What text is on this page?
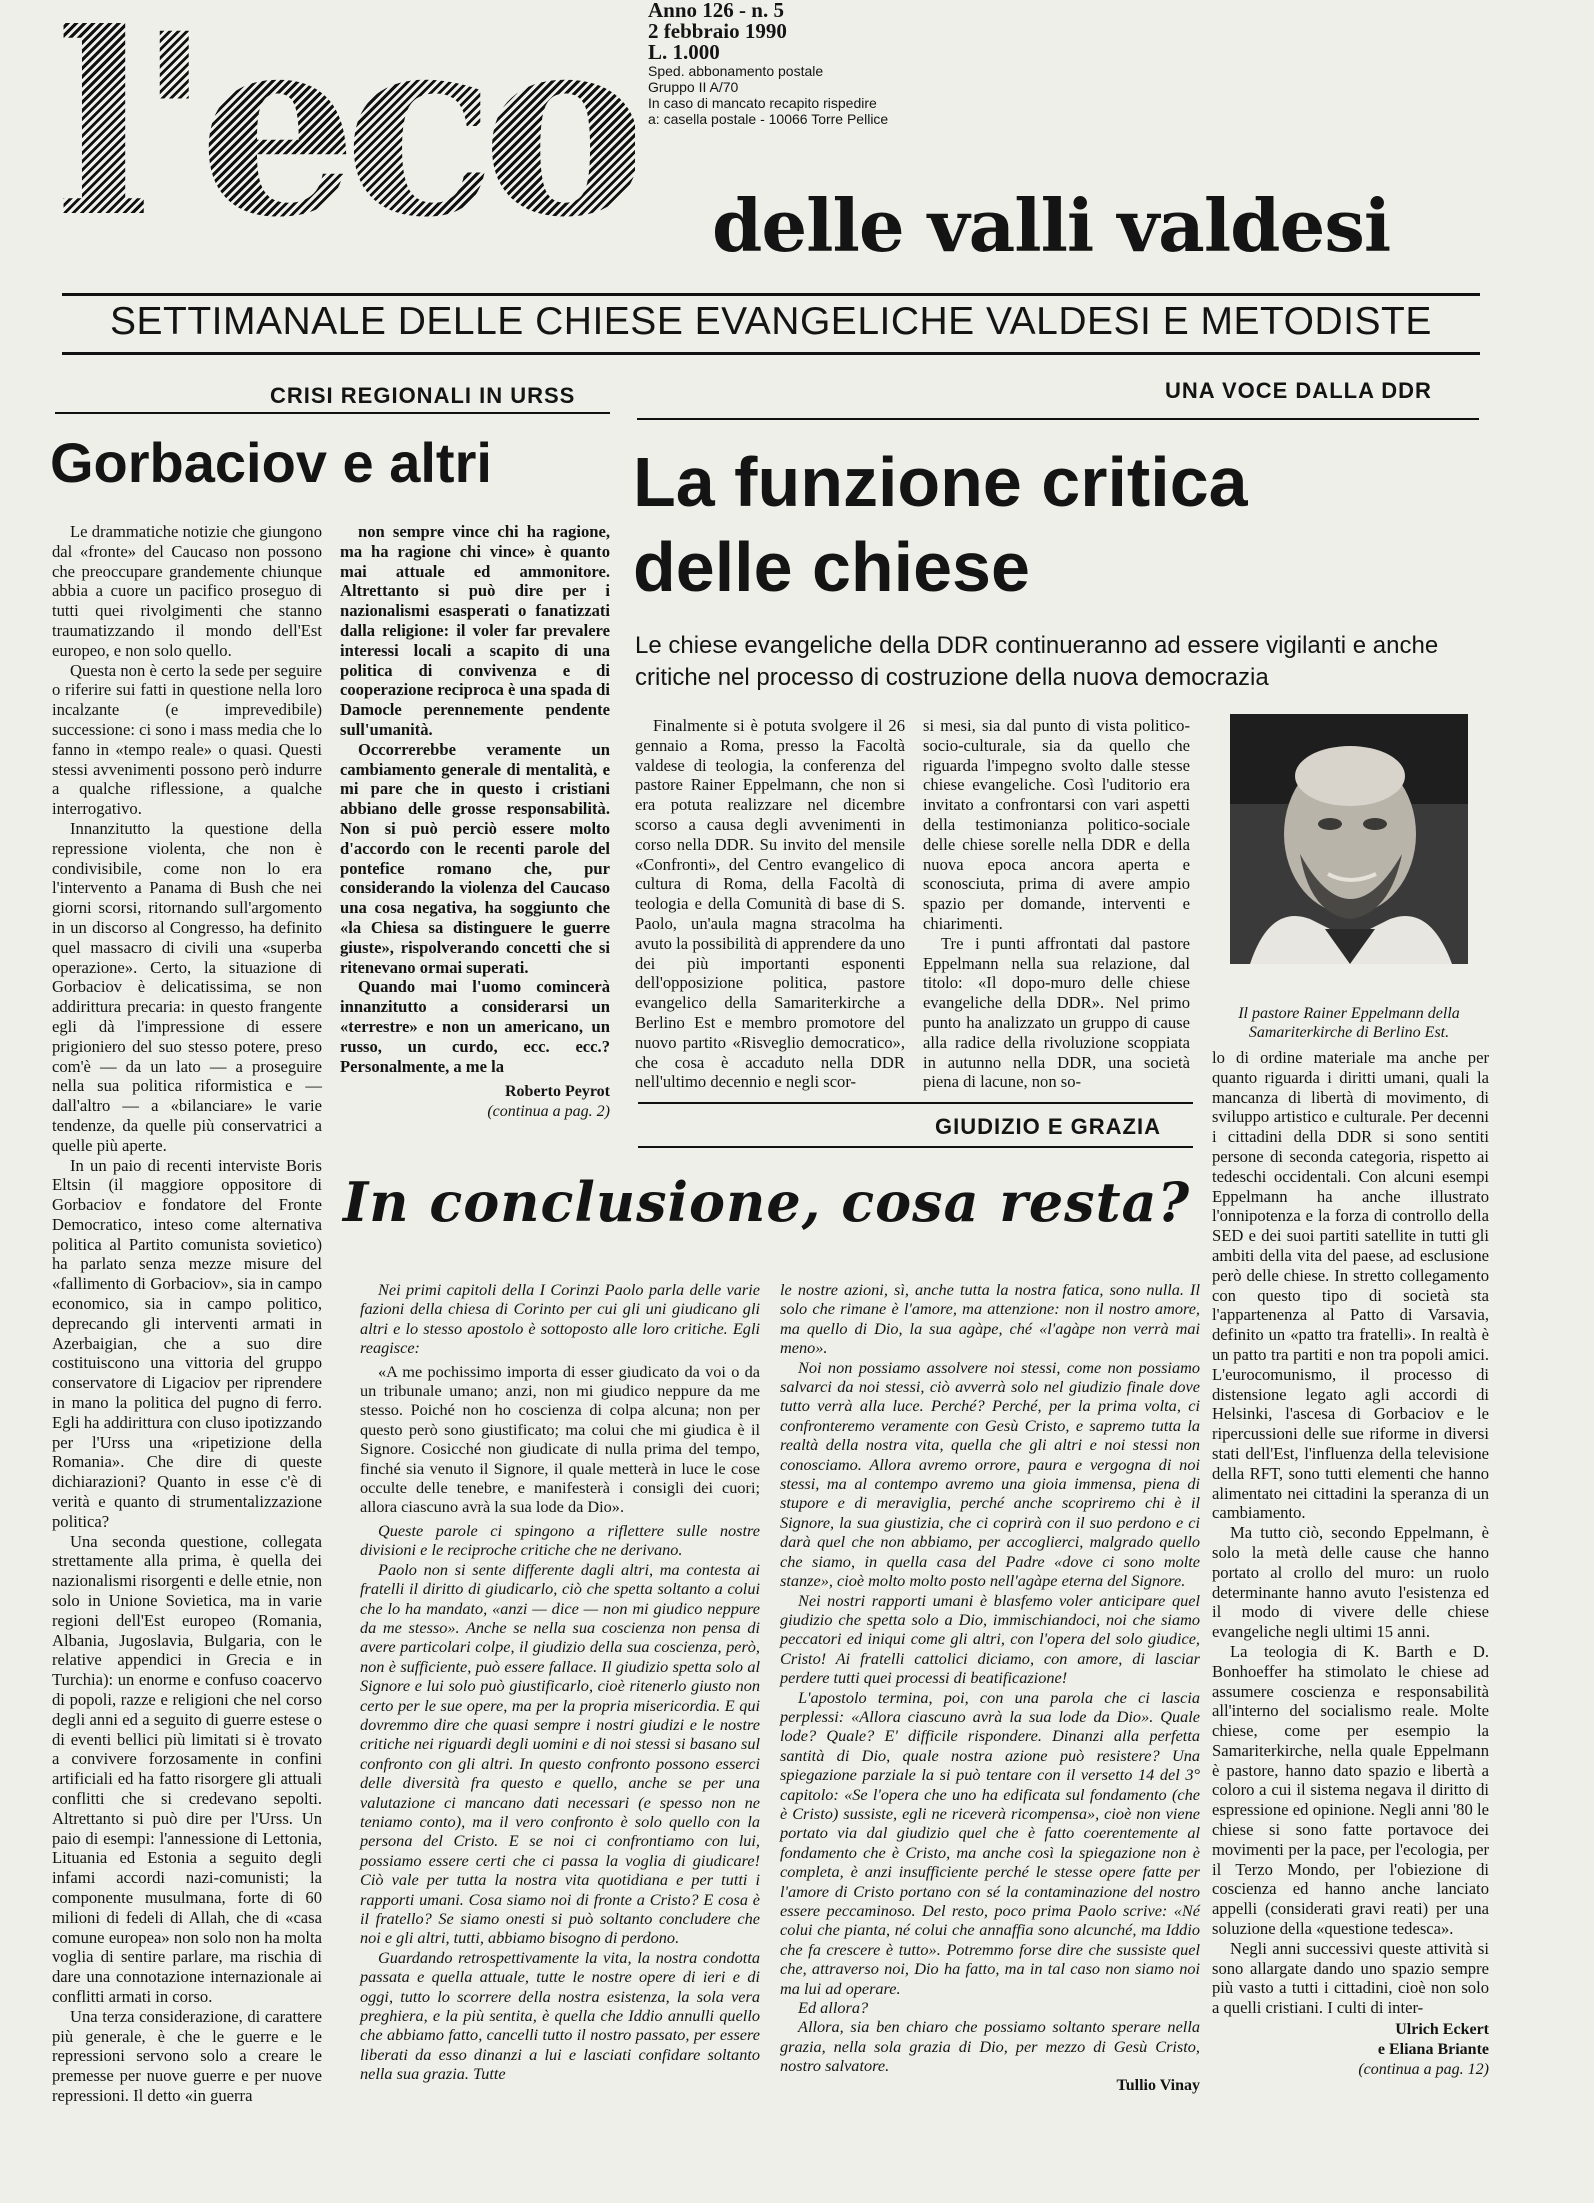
l'eco Anno 126 - n. 5
2 febbraio 1990
L. 1.000
Sped. abbonamento postale
Gruppo II A/70
In caso di mancato recapito rispedire
a: casella postale - 10066 Torre Pellice
delle valli valdesi
SETTIMANALE DELLE CHIESE EVANGELICHE VALDESI E METODISTE
CRISI REGIONALI IN URSS
Gorbaciov e altri

Le drammatiche notizie che giungono dal «fronte» del Caucaso non possono che preoccupare grandemente chiunque abbia a cuore un pacifico proseguo di tutti quei rivolgimenti che stanno traumatizzando il mondo dell'Est europeo, e non solo quello.

Questa non è certo la sede per seguire o riferire sui fatti in questione nella loro incalzante (e imprevedibile) successione: ci sono i mass media che lo fanno in «tempo reale» o quasi. Questi stessi avvenimenti possono però indurre a qualche riflessione, a qualche interrogativo.

Innanzitutto la questione della repressione violenta, che non è condivisibile, come non lo era l'intervento a Panama di Bush che nei giorni scorsi, ritornando sull'argomento in un discorso al Congresso, ha definito quel massacro di civili una «superba operazione». Certo, la situazione di Gorbaciov è delicatissima, se non addirittura precaria: in questo frangente egli dà l'impressione di essere prigioniero del suo stesso potere, preso com'è — da un lato — a proseguire nella sua politica riformistica e — dall'altro — a «bilanciare» le varie tendenze, da quelle più conservatrici a quelle più aperte.

In un paio di recenti interviste Boris Eltsin (il maggiore oppositore di Gorbaciov e fondatore del Fronte Democratico, inteso come alternativa politica al Partito comunista sovietico) ha parlato senza mezze misure del «fallimento di Gorbaciov», sia in campo economico, sia in campo politico, deprecando gli interventi armati in Azerbaigian, che a suo dire costituiscono una vittoria del gruppo conservatore di Ligaciov per riprendere in mano la politica del pugno di ferro. Egli ha addirittura con cluso ipotizzando per l'Urss una «ripetizione della Romania». Che dire di queste dichiarazioni? Quanto in esse c'è di verità e quanto di strumentalizzazione politica?

Una seconda questione, collegata strettamente alla prima, è quella dei nazionalismi risorgenti e delle etnie, non solo in Unione Sovietica, ma in varie regioni dell'Est europeo (Romania, Albania, Jugoslavia, Bulgaria, con le relative appendici in Grecia e in Turchia): un enorme e confuso coacervo di popoli, razze e religioni che nel corso degli anni ed a seguito di guerre estese o di eventi bellici più limitati si è trovato a convivere forzosamente in confini artificiali ed ha fatto risorgere gli attuali conflitti che si credevano sepolti. Altrettanto si può dire per l'Urss. Un paio di esempi: l'annessione di Lettonia, Lituania ed Estonia a seguito degli infami accordi nazi-comunisti; la componente musulmana, forte di 60 milioni di fedeli di Allah, che di «casa comune europea» non solo non ha molta voglia di sentire parlare, ma rischia di dare una connotazione internazionale ai conflitti armati in corso.

Una terza considerazione, di carattere più generale, è che le guerre e le repressioni servono solo a creare le premesse per nuove guerre e per nuove repressioni. Il detto «in guerra

non sempre vince chi ha ragione, ma ha ragione chi vince» è quanto mai attuale ed ammonitore. Altrettanto si può dire per i nazionalismi esasperati o fanatizzati dalla religione: il voler far prevalere interessi locali a scapito di una politica di convivenza e di cooperazione reciproca è una spada di Damocle perennemente pendente sull'umanità.

Occorrerebbe veramente un cambiamento generale di mentalità, e mi pare che in questo i cristiani abbiano delle grosse responsabilità. Non si può perciò essere molto d'accordo con le recenti parole del pontefice romano che, pur considerando la violenza del Caucaso una cosa negativa, ha soggiunto che «la Chiesa sa distinguere le guerre giuste», rispolverando concetti che si ritenevano ormai superati.

Quando mai l'uomo comincerà innanzitutto a considerarsi un «terrestre» e non un americano, un russo, un curdo, ecc. ecc.? Personalmente, a me la

Roberto Peyrot
(continua a pag. 2)
UNA VOCE DALLA DDR
La funzione critica
delle chiese
Le chiese evangeliche della DDR continueranno ad essere vigilanti e anche critiche nel processo di costruzione della nuova democrazia

Finalmente si è potuta svolgere il 26 gennaio a Roma, presso la Facoltà valdese di teologia, la conferenza del pastore Rainer Eppelmann, che non si era potuta realizzare nel dicembre scorso a causa degli avvenimenti in corso nella DDR. Su invito del mensile «Confronti», del Centro evangelico di cultura di Roma, della Facoltà di teologia e della Comunità di base di S. Paolo, un'aula magna stracolma ha avuto la possibilità di apprendere da uno dei più importanti esponenti dell'opposizione politica, pastore evangelico della Samariterkirche a Berlino Est e membro promotore del nuovo partito «Risveglio democratico», che cosa è accaduto nella DDR nell'ultimo decennio e negli scor-

si mesi, sia dal punto di vista politico-socio-culturale, sia da quello che riguarda l'impegno svolto dalle stesse chiese evangeliche. Così l'uditorio era invitato a confrontarsi con vari aspetti della testimonianza politico-sociale delle chiese sorelle nella DDR e della nuova epoca ancora aperta e sconosciuta, prima di avere ampio spazio per domande, interventi e chiarimenti.

Tre i punti affrontati dal pastore Eppelmann nella sua relazione, dal titolo: «Il dopo-muro delle chiese evangeliche della DDR». Nel primo punto ha analizzato un gruppo di cause alla radice della rivoluzione scoppiata in autunno nella DDR, una società piena di lacune, non so-

Il pastore Rainer Eppelmann della Samariterkirche di Berlino Est.

lo di ordine materiale ma anche per quanto riguarda i diritti umani, quali la mancanza di libertà di movimento, di sviluppo artistico e culturale. Per decenni i cittadini della DDR si sono sentiti persone di seconda categoria, rispetto ai tedeschi occidentali. Con alcuni esempi Eppelmann ha anche illustrato l'onnipotenza e la forza di controllo della SED e dei suoi partiti satellite in tutti gli ambiti della vita del paese, ad esclusione però delle chiese. In stretto collegamento con questo tipo di società sta l'appartenenza al Patto di Varsavia, definito un «patto tra fratelli». In realtà è un patto tra partiti e non tra popoli amici. L'eurocomunismo, il processo di distensione legato agli accordi di Helsinki, l'ascesa di Gorbaciov e le ripercussioni delle sue riforme in diversi stati dell'Est, l'influenza della televisione della RFT, sono tutti elementi che hanno alimentato nei cittadini la speranza di un cambiamento.

Ma tutto ciò, secondo Eppelmann, è solo la metà delle cause che hanno portato al crollo del muro: un ruolo determinante hanno avuto l'esistenza ed il modo di vivere delle chiese evangeliche negli ultimi 15 anni.

La teologia di K. Barth e D. Bonhoeffer ha stimolato le chiese ad assumere coscienza e responsabilità all'interno del socialismo reale. Molte chiese, come per esempio la Samariterkirche, nella quale Eppelmann è pastore, hanno dato spazio e libertà a coloro a cui il sistema negava il diritto di espressione ed opinione. Negli anni '80 le chiese si sono fatte portavoce dei movimenti per la pace, per l'ecologia, per il Terzo Mondo, per l'obiezione di coscienza ed hanno anche lanciato appelli (considerati gravi reati) per una soluzione della «questione tedesca».

Negli anni successivi queste attività si sono allargate dando uno spazio sempre più vasto a tutti i cittadini, cioè non solo a quelli cristiani. I culti di inter-

Ulrich Eckert
e Eliana Briante
(continua a pag. 12)
GIUDIZIO E GRAZIA
In conclusione, cosa resta?

Nei primi capitoli della I Corinzi Paolo parla delle varie fazioni della chiesa di Corinto per cui gli uni giudicano gli altri e lo stesso apostolo è sottoposto alle loro critiche. Egli reagisce:

«A me pochissimo importa di esser giudicato da voi o da un tribunale umano; anzi, non mi giudico neppure da me stesso. Poiché non ho coscienza di colpa alcuna; non per questo però sono giustificato; ma colui che mi giudica è il Signore. Cosicché non giudicate di nulla prima del tempo, finché sia venuto il Signore, il quale metterà in luce le cose occulte delle tenebre, e manifesterà i consigli dei cuori; allora ciascuno avrà la sua lode da Dio».

Queste parole ci spingono a riflettere sulle nostre divisioni e le reciproche critiche che ne derivano.

Paolo non si sente differente dagli altri, ma contesta ai fratelli il diritto di giudicarlo, ciò che spetta soltanto a colui che lo ha mandato, «anzi — dice — non mi giudico neppure da me stesso». Anche se nella sua coscienza non pensa di avere particolari colpe, il giudizio della sua coscienza, però, non è sufficiente, può essere fallace. Il giudizio spetta solo al Signore e lui solo può giustificarlo, cioè ritenerlo giusto non certo per le sue opere, ma per la propria misericordia. E qui dovremmo dire che quasi sempre i nostri giudizi e le nostre critiche nei riguardi degli uomini e di noi stessi si basano sul confronto con gli altri. In questo confronto possono esserci delle diversità fra questo e quello, anche se per una valutazione ci mancano dati necessari (e spesso non ne teniamo conto), ma il vero confronto è solo quello con la persona del Cristo. E se noi ci confrontiamo con lui, possiamo essere certi che ci passa la voglia di giudicare! Ciò vale per tutta la nostra vita quotidiana e per tutti i rapporti umani. Cosa siamo noi di fronte a Cristo? E cosa è il fratello? Se siamo onesti si può soltanto concludere che noi e gli altri, tutti, abbiamo bisogno di perdono.

Guardando retrospettivamente la vita, la nostra condotta passata e quella attuale, tutte le nostre opere di ieri e di oggi, tutto lo scorrere della nostra esistenza, la sola vera preghiera, e la più sentita, è quella che Iddio annulli quello che abbiamo fatto, cancelli tutto il nostro passato, per essere liberati da esso dinanzi a lui e lasciati confidare soltanto nella sua grazia. Tutte

le nostre azioni, sì, anche tutta la nostra fatica, sono nulla. Il solo che rimane è l'amore, ma attenzione: non il nostro amore, ma quello di Dio, la sua agàpe, ché «l'agàpe non verrà mai meno».

Noi non possiamo assolvere noi stessi, come non possiamo salvarci da noi stessi, ciò avverrà solo nel giudizio finale dove tutto verrà alla luce. Perché? Perché, per la prima volta, ci confronteremo veramente con Gesù Cristo, e sapremo tutta la realtà della nostra vita, quella che gli altri e noi stessi non conosciamo. Allora avremo orrore, paura e vergogna di noi stessi, ma al contempo avremo una gioia immensa, piena di stupore e di meraviglia, perché anche scopriremo chi è il Signore, la sua giustizia, che ci coprirà con il suo perdono e ci darà quel che non abbiamo, per accoglierci, malgrado quello che siamo, in quella casa del Padre «dove ci sono molte stanze», cioè molto molto posto nell'agàpe eterna del Signore.

Nei nostri rapporti umani è blasfemo voler anticipare quel giudizio che spetta solo a Dio, immischiandoci, noi che siamo peccatori ed iniqui come gli altri, con l'opera del solo giudice, Cristo! Ai fratelli cattolici diciamo, con amore, di lasciar perdere tutti quei processi di beatificazione!

L'apostolo termina, poi, con una parola che ci lascia perplessi: «Allora ciascuno avrà la sua lode da Dio». Quale lode? Quale? E' difficile rispondere. Dinanzi alla perfetta santità di Dio, quale nostra azione può resistere? Una spiegazione parziale la si può tentare con il versetto 14 del 3° capitolo: «Se l'opera che uno ha edificata sul fondamento (che è Cristo) sussiste, egli ne riceverà ricompensa», cioè non viene portato via dal giudizio quel che è fatto coerentemente al fondamento che è Cristo, ma anche così la spiegazione non è completa, è anzi insufficiente perché le stesse opere fatte per l'amore di Cristo portano con sé la contaminazione del nostro essere peccaminoso. Del resto, poco prima Paolo scrive: «Né colui che pianta, né colui che annaffia sono alcunché, ma Iddio che fa crescere è tutto». Potremmo forse dire che sussiste quel che, attraverso noi, Dio ha fatto, ma in tal caso non siamo noi ma lui ad operare.

Ed allora?

Allora, sia ben chiaro che possiamo soltanto sperare nella grazia, nella sola grazia di Dio, per mezzo di Gesù Cristo, nostro salvatore.

Tullio Vinay
